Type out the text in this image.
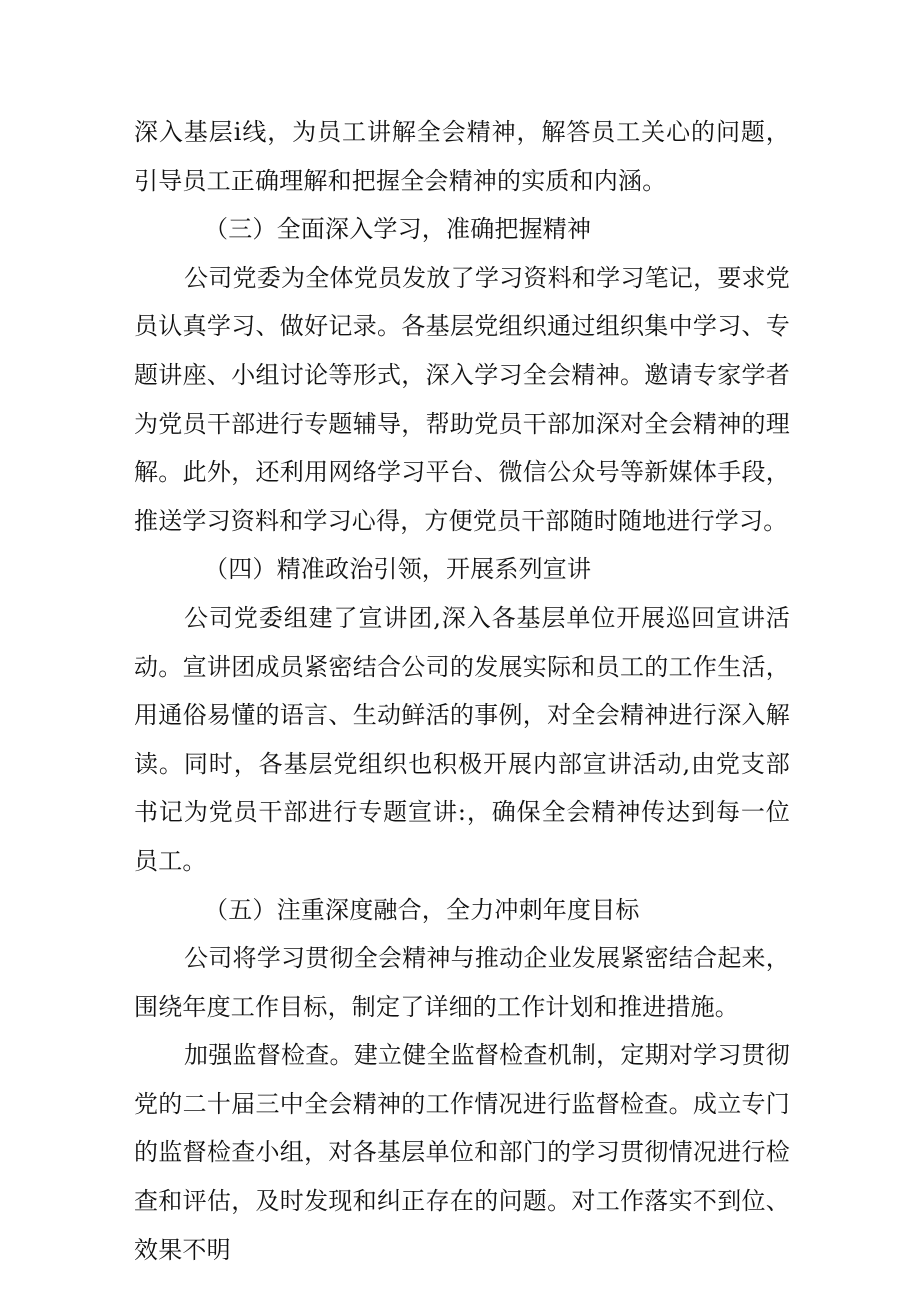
深入基层i线，为员工讲解全会精神，解答员工关心的问题，引导员工正确理解和把握全会精神的实质和内涵。

（三）全面深入学习，准确把握精神

公司党委为全体党员发放了学习资料和学习笔记，要求党员认真学习、做好记录。各基层党组织通过组织集中学习、专题讲座、小组讨论等形式，深入学习全会精神。邀请专家学者为党员干部进行专题辅导，帮助党员干部加深对全会精神的理解。此外，还利用网络学习平台、微信公众号等新媒体手段，推送学习资料和学习心得，方便党员干部随时随地进行学习。

（四）精准政治引领，开展系列宣讲

公司党委组建了宣讲团,深入各基层单位开展巡回宣讲活动。宣讲团成员紧密结合公司的发展实际和员工的工作生活，用通俗易懂的语言、生动鲜活的事例，对全会精神进行深入解读。同时，各基层党组织也积极开展内部宣讲活动,由党支部书记为党员干部进行专题宣讲:，确保全会精神传达到每一位员工。

（五）注重深度融合，全力冲刺年度目标

公司将学习贯彻全会精神与推动企业发展紧密结合起来，围绕年度工作目标，制定了详细的工作计划和推进措施。

加强监督检查。建立健全监督检查机制，定期对学习贯彻党的二十届三中全会精神的工作情况进行监督检查。成立专门的监督检查小组，对各基层单位和部门的学习贯彻情况进行检查和评估，及时发现和纠正存在的问题。对工作落实不到位、效果不明
